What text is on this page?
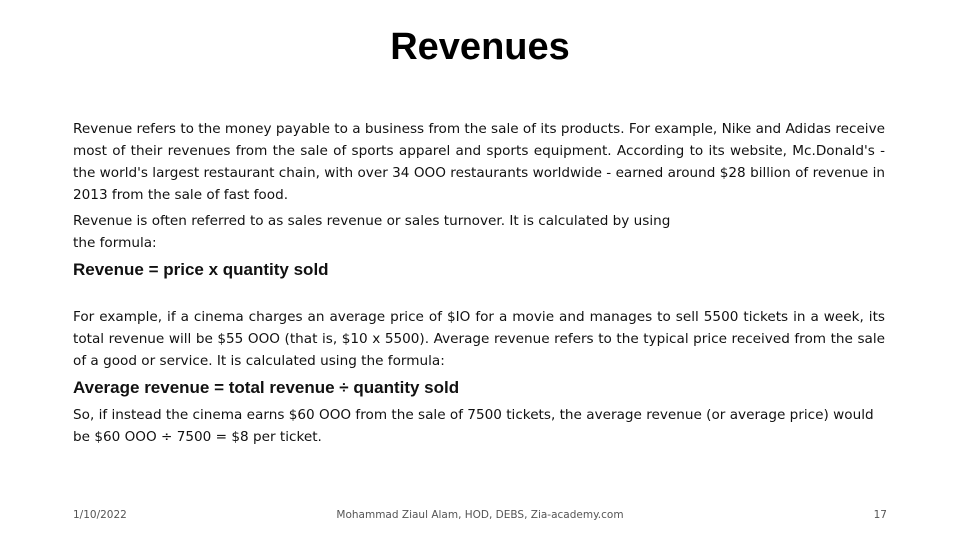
Revenues

Revenue refers to the money payable to a business from the sale of its products. For example, Nike and Adidas receive most of their revenues from the sale of sports apparel and sports equipment. According to its website, Mc.Donald's - the world's largest restaurant chain, with over 34 OOO restaurants worldwide - earned around $28 billion of revenue in 2013 from the sale of fast food.

Revenue is often referred to as sales revenue or sales turnover. It is calculated by using the formula:

Revenue = price x quantity sold

For example, if a cinema charges an average price of $IO for a movie and manages to sell 5500 tickets in a week, its total revenue will be $55 OOO (that is, $10 x 5500). Average revenue refers to the typical price received from the sale of a good or service. It is calculated using the formula:

Average revenue = total revenue ÷ quantity sold

So, if instead the cinema earns $60 OOO from the sale of 7500 tickets, the average revenue (or average price) would be $60 OOO ÷ 7500 = $8 per ticket.

1/10/2022	Mohammad Ziaul Alam, HOD, DEBS, Zia-academy.com	17
